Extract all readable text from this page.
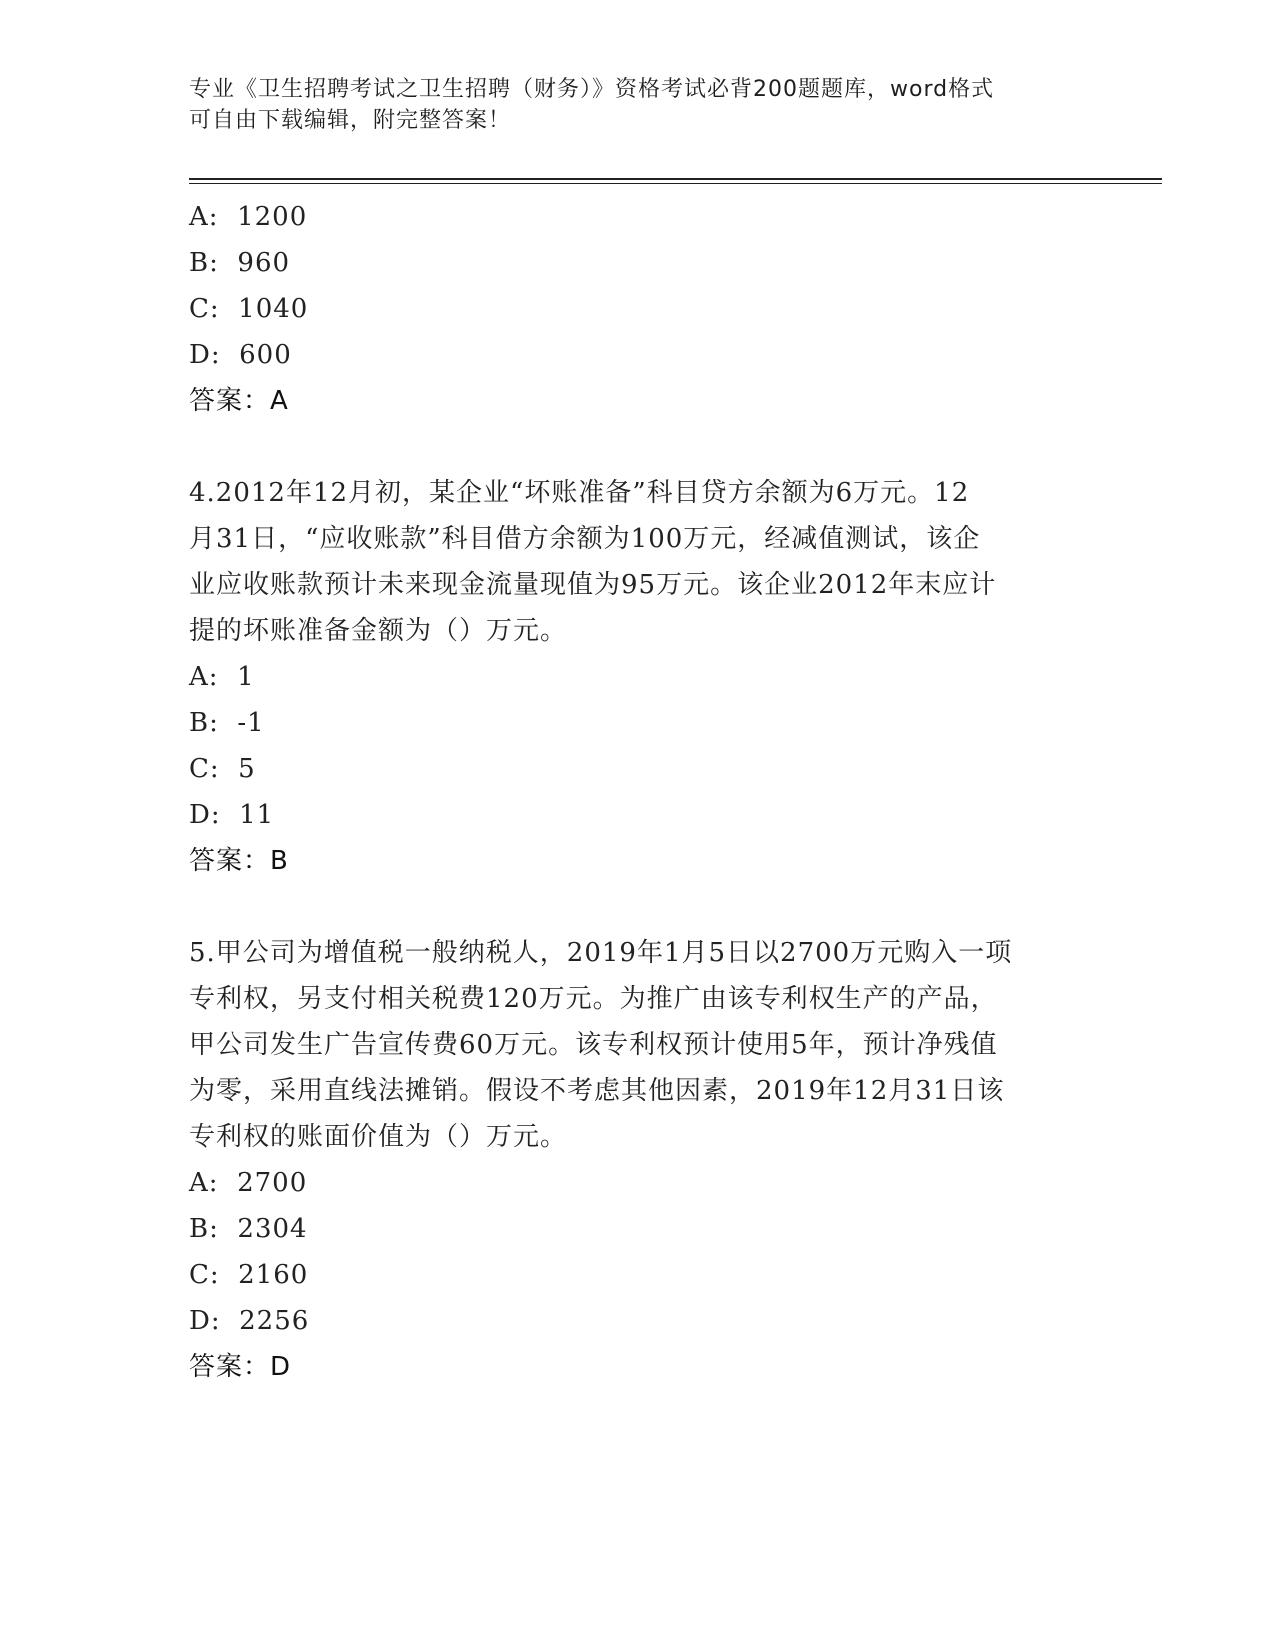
专业《卫生招聘考试之卫生招聘（财务）》资格考试必背200题题库，word格式
可自由下载编辑，附完整答案！
A:  1200
B:  960
C:  1040
D:  600
答案：A
4.2012年12月初，某企业“坏账准备”科目贷方余额为6万元。12
月31日，“应收账款”科目借方余额为100万元，经减值测试，该企
业应收账款预计未来现金流量现值为95万元。该企业2012年末应计
提的坏账准备金额为（）万元。
A:  1
B:  -1
C:  5
D:  11
答案：B
5.甲公司为增值税一般纳税人，2019年1月5日以2700万元购入一项
专利权，另支付相关税费120万元。为推广由该专利权生产的产品，
甲公司发生广告宣传费60万元。该专利权预计使用5年，预计净残值
为零，采用直线法摊销。假设不考虑其他因素，2019年12月31日该
专利权的账面价值为（）万元。
A:  2700
B:  2304
C:  2160
D:  2256
答案：D
